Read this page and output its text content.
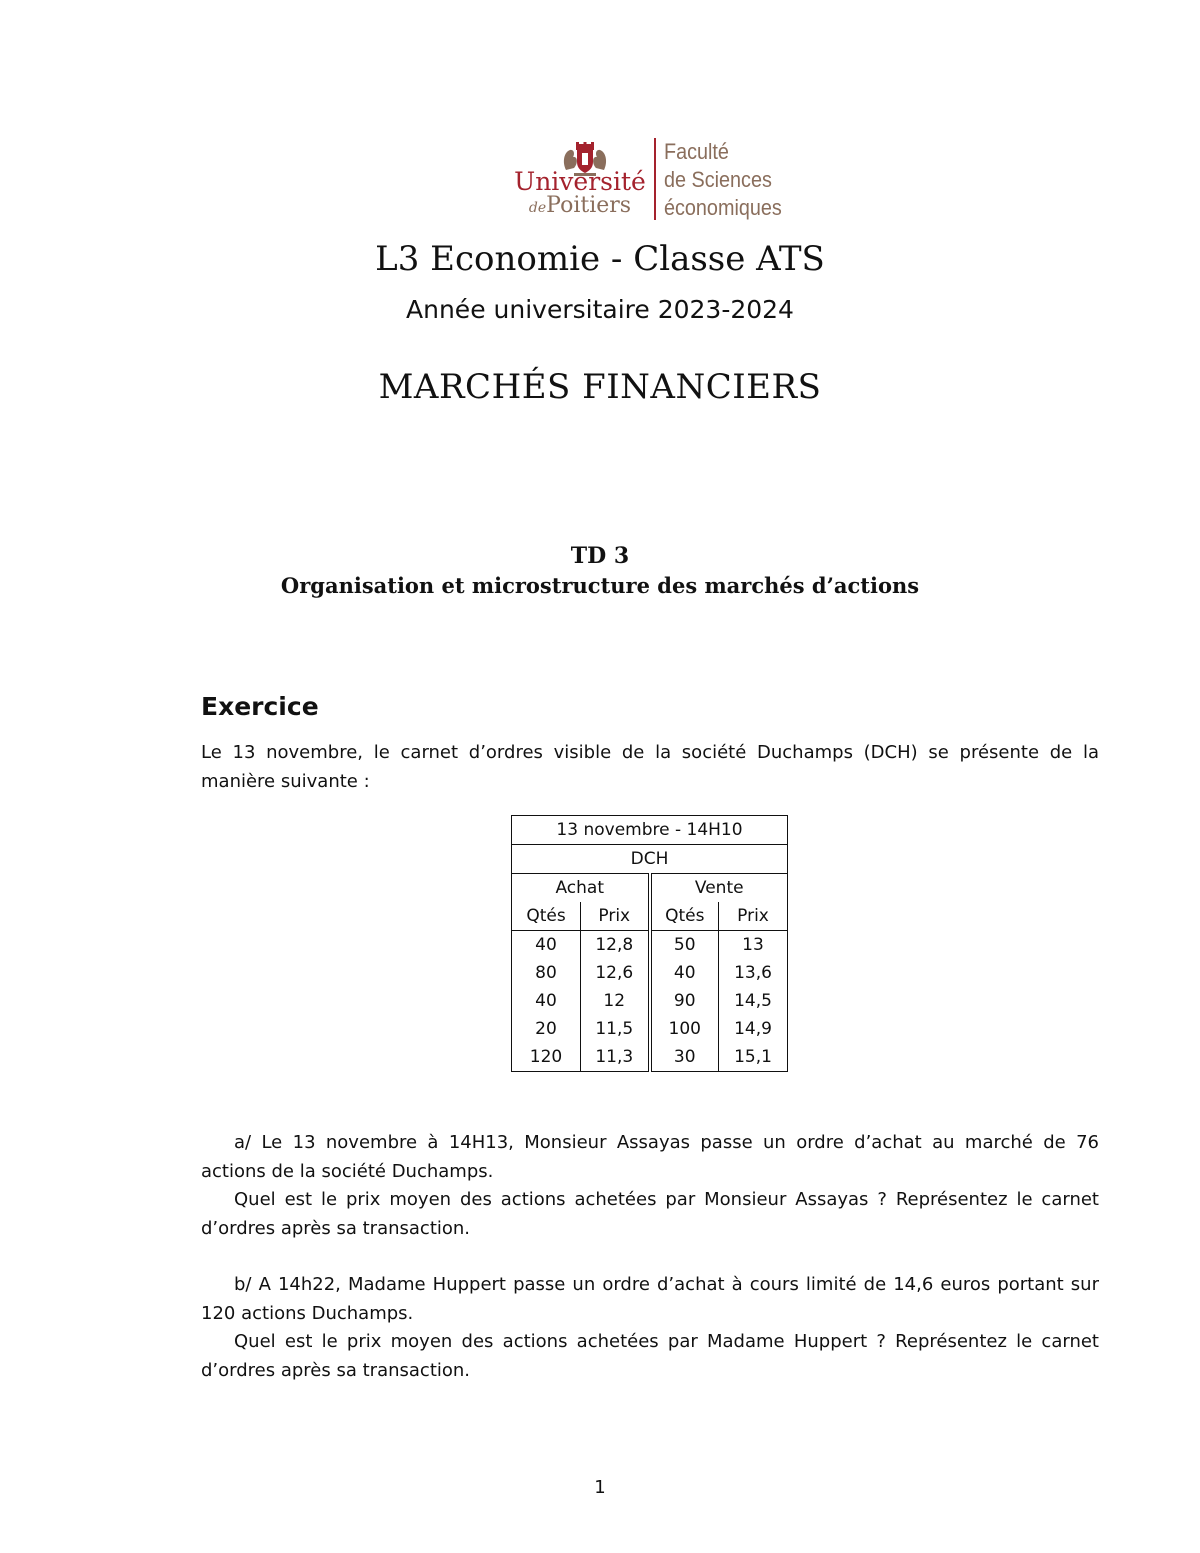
Université
dePoitiers
Faculté
de Sciences
économiques
L3 Economie - Classe ATS
Année universitaire 2023-2024
MARCHÉS FINANCIERS
TD 3
Organisation et microstructure des marchés d’actions
Exercice

Le 13 novembre, le carnet d’ordres visible de la société Duchamps (DCH) se présente de la manière suivante :

13 novembre - 14H10			
DCH			
Achat		Vente	
Qtés	Prix	Qtés	Prix
40	12,8	50	13
80	12,6	40	13,6
40	12	90	14,5
20	11,5	100	14,9
120	11,3	30	15,1

a/ Le 13 novembre à 14H13, Monsieur Assayas passe un ordre d’achat au marché de 76 actions de la société Duchamps.

Quel est le prix moyen des actions achetées par Monsieur Assayas ? Représentez le carnet d’ordres après sa transaction.

b/ A 14h22, Madame Huppert passe un ordre d’achat à cours limité de 14,6 euros portant sur 120 actions Duchamps.

Quel est le prix moyen des actions achetées par Madame Huppert ? Représentez le carnet d’ordres après sa transaction.

1
